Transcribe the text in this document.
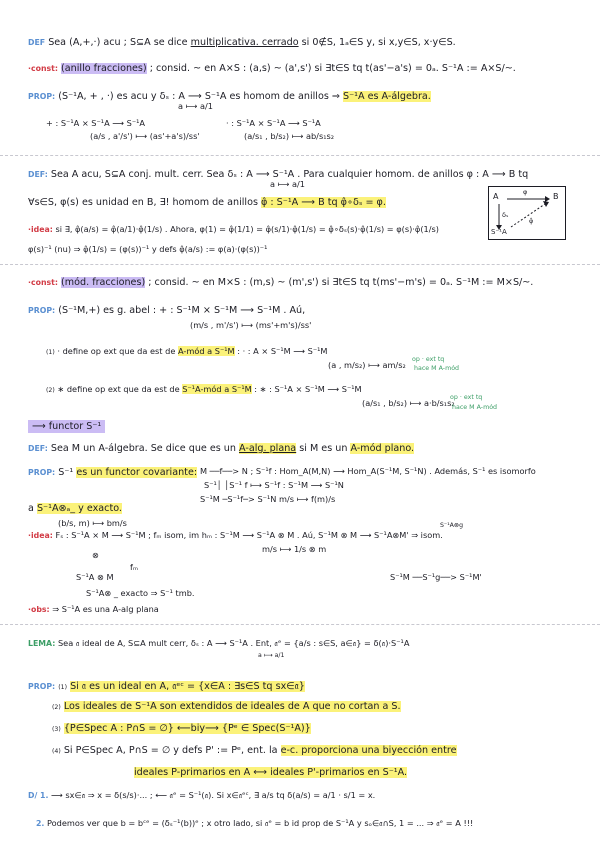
DEF Sea (A,+,·) acu ; S⊆A se dice multiplicativa. cerrado si 0∉S, 1ₐ∈S y, si x,y∈S, x·y∈S.
·const: (anillo fracciones) ; consid. ~ en A×S : (a,s) ~ (a',s') si ∃t∈S tq t(as'−a's) = 0ₐ. S⁻¹A := A×S/~.
PROP: (S⁻¹A, + , ·) es acu y δₛ : A ⟶ S⁻¹A es homom de anillos ⇒ S⁻¹A es A-álgebra.
a ⟼ a/1
+ : S⁻¹A × S⁻¹A ⟶ S⁻¹A
(a/s , a'/s') ⟼ (as'+a's)/ss'
· : S⁻¹A × S⁻¹A ⟶ S⁻¹A
(a/s₁ , b/s₂) ⟼ ab/s₁s₂
DEF: Sea A acu, S⊆A conj. mult. cerr. Sea δₛ : A ⟶ S⁻¹A . Para cualquier homom. de anillos φ : A ⟶ B tq
a ⟼ a/1
∀s∈S, φ(s) es unidad en B, ∃! homom de anillos φ̂ : S⁻¹A ⟶ B tq φ̂∘δₛ = φ.
A	B
S⁻¹A
φ
δₛ
φ̂
·idea: si ∃, φ̂(a/s) = φ̂(a/1)·φ̂(1/s) . Ahora, φ(1) = φ̂(1/1) = φ̂(s/1)·φ̂(1/s) = φ̂∘δₛ(s)·φ̂(1/s) = φ(s)·φ̂(1/s)
φ(s)⁻¹ (nu) ⇒ φ̂(1/s) = (φ(s))⁻¹ y defs φ̂(a/s) := φ(a)·(φ(s))⁻¹
·const: (mód. fracciones) ; consid. ~ en M×S : (m,s) ~ (m',s') si ∃t∈S tq t(ms'−m's) = 0ₐ. S⁻¹M := M×S/~.
PROP: (S⁻¹M,+) es g. abel : + : S⁻¹M × S⁻¹M ⟶ S⁻¹M . Aú,
(m/s , m'/s') ⟼ (ms'+m's)/ss'
(1) · define op ext que da est de A-mód a S⁻¹M : · : A × S⁻¹M ⟶ S⁻¹M
(a , m/s₂) ⟼ am/s₂
op · ext tq
hace M A-mód
(2) ∗ define op ext que da est de S⁻¹A-mód a S⁻¹M : ∗ : S⁻¹A × S⁻¹M ⟶ S⁻¹M
(a/s₁ , b/s₂) ⟼ a·b/s₁s₂
op · ext tq
hace M A-mód
⟶ functor S⁻¹
DEF: Sea M un A-álgebra. Se dice que es un A-alg. plana si M es un A-mód plano.
PROP: S⁻¹ es un functor covariante: M ──f──> N ; S⁻¹f : Hom_A(M,N) ⟶ Hom_A(S⁻¹M, S⁻¹N) . Además, S⁻¹ es isomorfo
S⁻¹│ │S⁻¹ f ⟼ S⁻¹f : S⁻¹M ⟶ S⁻¹N
S⁻¹M ─S⁻¹f─> S⁻¹N m/s ⟼ f(m)/s
a S⁻¹A⊗ₐ_ y exacto.
(b/s, m) ⟼ bm/s
·idea: Fₛ : S⁻¹A × M ⟶ S⁻¹M ; fₘ isom, im hₘ : S⁻¹M ⟶ S⁻¹A ⊗ M . Aú, S⁻¹M ⊗ M ⟶ S⁻¹A⊗M' ⇒ isom.
S⁻¹A⊗g
m/s ⟼ 1/s ⊗ m
⊗
fₘ
S⁻¹A ⊗ M	S⁻¹M ──S⁻¹g──> S⁻¹M'
S⁻¹A⊗ _ exacto ⇒ S⁻¹ tmb.
·obs: ⇒ S⁻¹A es una A-alg plana
LEMA: Sea 𝔞 ideal de A, S⊆A mult cerr, δₛ : A ⟶ S⁻¹A . Ent, 𝔞ᵉ = {a/s : s∈S, a∈𝔞} = δ(𝔞)·S⁻¹A
a ⟼ a/1
PROP: (1) Si 𝔞 es un ideal en A, 𝔞ᵉᶜ = {x∈A : ∃s∈S tq sx∈𝔞}
(2) Los ideales de S⁻¹A son extendidos de ideales de A que no cortan a S.
(3) {P∈Spec A : P∩S = ∅} ⟵biy⟶ {Pᵉ ∈ Spec(S⁻¹A)}
(4) Si P∈Spec A, P∩S = ∅ y defs P' := Pᵉ, ent. la e-c. proporciona una biyección entre
ideales P-primarios en A ⟷ ideales P'-primarios en S⁻¹A.
D/ 1. ⟶ sx∈𝔞 ⇒ x = δ(s/s)·... ; ⟵ 𝔞ᵉ = S⁻¹(𝔞). Si x∈𝔞ᵉᶜ, ∃ a/s tq δ(a/s) = a/1 · s/1 = x.
2. Podemos ver que b = bᶜᵉ = (δₛ⁻¹(b))ᵉ ; x otro lado, si 𝔞ᵉ = b id prop de S⁻¹A y sₒ∈𝔞∩S, 1 = ... ⇒ 𝔞ᵉ = A !!!
